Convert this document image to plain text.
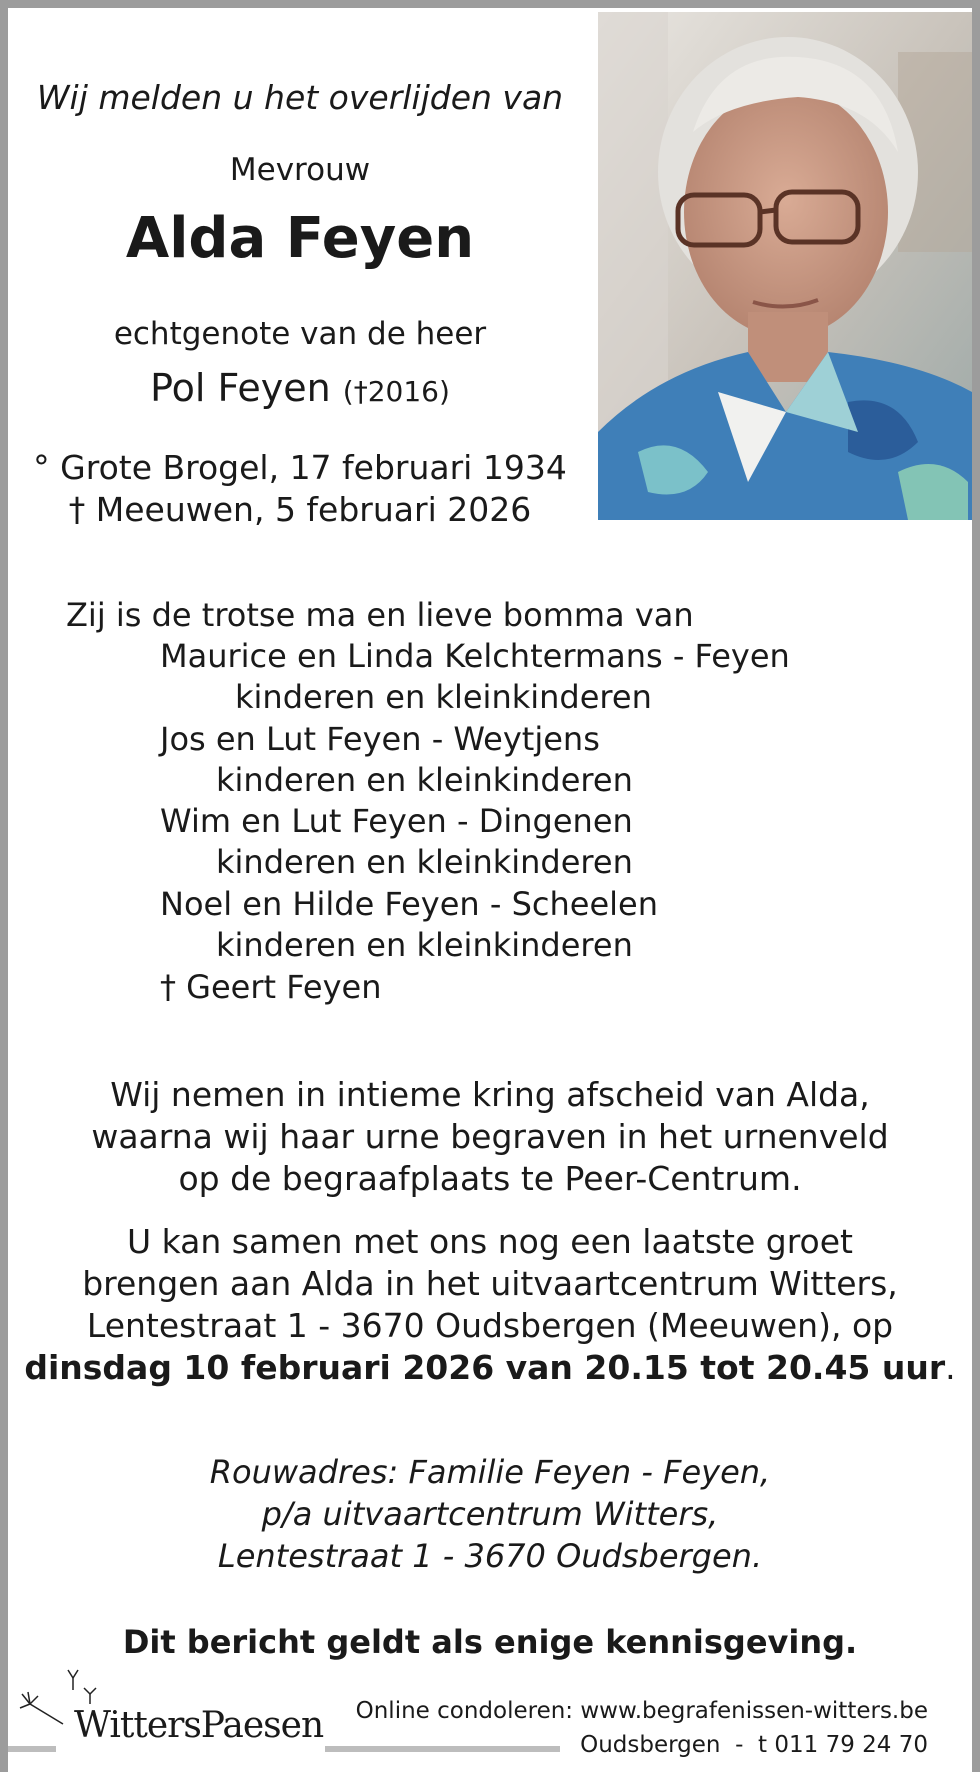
Wij melden u het overlijden van
Mevrouw
Alda Feyen
echtgenote van de heer
Pol Feyen (†2016)
° Grote Brogel, 17 februari 1934
† Meeuwen, 5 februari 2026
Zij is de trotse ma en lieve bomma van
Maurice en Linda Kelchtermans - Feyen
kinderen en kleinkinderen
Jos en Lut Feyen - Weytjens
kinderen en kleinkinderen
Wim en Lut Feyen - Dingenen
kinderen en kleinkinderen
Noel en Hilde Feyen - Scheelen
kinderen en kleinkinderen
† Geert Feyen
Wij nemen in intieme kring afscheid van Alda,
waarna wij haar urne begraven in het urnenveld
op de begraafplaats te Peer-Centrum.
U kan samen met ons nog een laatste groet
brengen aan Alda in het uitvaartcentrum Witters,
Lentestraat 1 - 3670 Oudsbergen (Meeuwen), op
dinsdag 10 februari 2026 van 20.15 tot 20.45 uur.
Rouwadres: Familie Feyen - Feyen,
p/a uitvaartcentrum Witters,
Lentestraat 1 - 3670 Oudsbergen.
Dit bericht geldt als enige kennisgeving.
WittersPaesen Online condoleren: www.begrafenissen-witters.be
Oudsbergen  -  t 011 79 24 70
